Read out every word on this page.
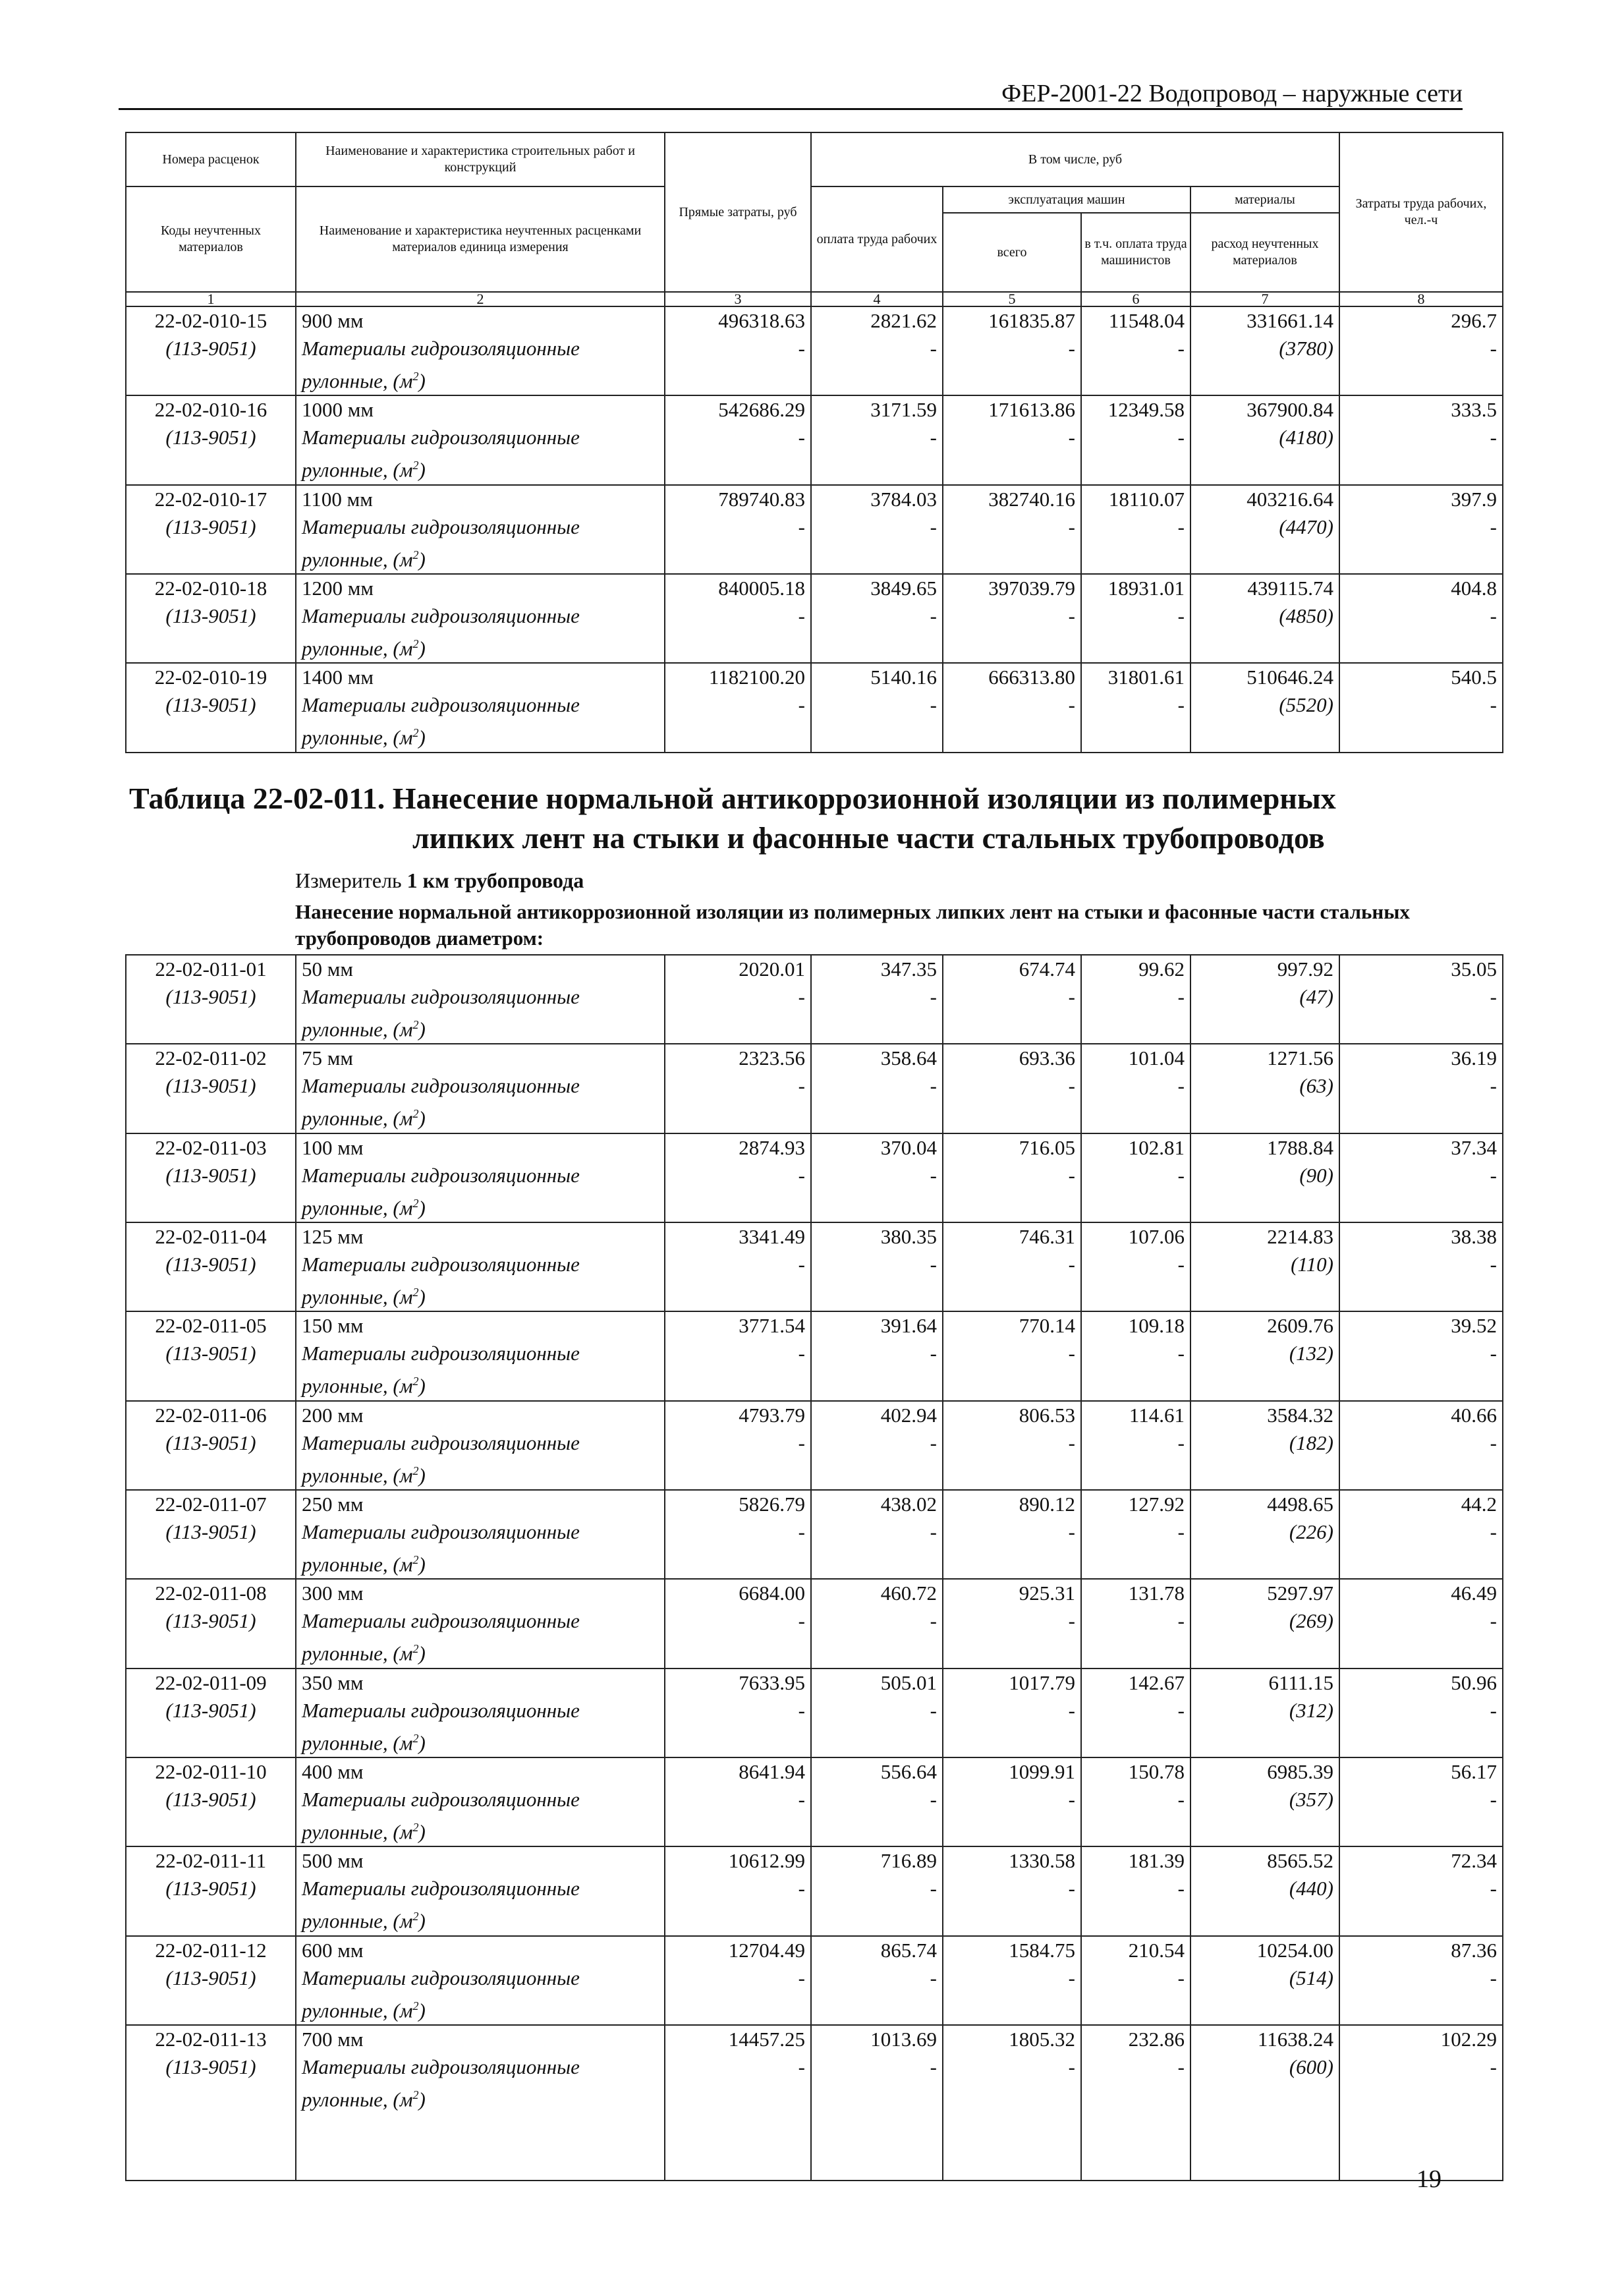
ФЕР-2001-22 Водопровод – наружные сети
Номера расценок	Наименование и характеристика строительных работ и конструкций	Прямые затраты, руб	В том числе, руб				Затраты труда рабочих, чел.-ч
Коды неучтенных материалов	Наименование и характеристика неучтенных расценками материалов единица измерения		оплата труда рабочих	эксплуатация машин		материалы	
				всего	в т.ч. оплата труда машинистов	расход неучтенных материалов	
1	2	3	4	5	6	7	8
22-02-010-15	900 мм	496318.63	2821.62	161835.87	11548.04	331661.14	296.7
(113-9051)	Материалы гидроизоляционные	-	-	-	-	(3780)	-
	рулонные, $(м^2)$						
22-02-010-16	1000 мм	542686.29	3171.59	171613.86	12349.58	367900.84	333.5
(113-9051)	Материалы гидроизоляционные	-	-	-	-	(4180)	-
	рулонные, $(м^2)$						
22-02-010-17	1100 мм	789740.83	3784.03	382740.16	18110.07	403216.64	397.9
(113-9051)	Материалы гидроизоляционные	-	-	-	-	(4470)	-
	рулонные, $(м^2)$						
22-02-010-18	1200 мм	840005.18	3849.65	397039.79	18931.01	439115.74	404.8
(113-9051)	Материалы гидроизоляционные	-	-	-	-	(4850)	-
	рулонные, $(м^2)$						
22-02-010-19	1400 мм	1182100.20	5140.16	666313.80	31801.61	510646.24	540.5
(113-9051)	Материалы гидроизоляционные	-	-	-	-	(5520)	-
	рулонные, $(м^2)$						
Таблица 22-02-011. Нанесение нормальной антикоррозионной изоляции из полимерных
липких лент на стыки и фасонные части стальных трубопроводов
Измеритель 1 км трубопровода
Нанесение нормальной антикоррозионной изоляции из полимерных липких лент на стыки и фасонные части стальных трубопроводов диаметром:
22-02-011-01	50 мм	2020.01	347.35	674.74	99.62	997.92	35.05
(113-9051)	Материалы гидроизоляционные	-	-	-	-	(47)	-
	рулонные, $(м^2)$						
22-02-011-02	75 мм	2323.56	358.64	693.36	101.04	1271.56	36.19
(113-9051)	Материалы гидроизоляционные	-	-	-	-	(63)	-
	рулонные, $(м^2)$						
22-02-011-03	100 мм	2874.93	370.04	716.05	102.81	1788.84	37.34
(113-9051)	Материалы гидроизоляционные	-	-	-	-	(90)	-
	рулонные, $(м^2)$						
22-02-011-04	125 мм	3341.49	380.35	746.31	107.06	2214.83	38.38
(113-9051)	Материалы гидроизоляционные	-	-	-	-	(110)	-
	рулонные, $(м^2)$						
22-02-011-05	150 мм	3771.54	391.64	770.14	109.18	2609.76	39.52
(113-9051)	Материалы гидроизоляционные	-	-	-	-	(132)	-
	рулонные, $(м^2)$						
22-02-011-06	200 мм	4793.79	402.94	806.53	114.61	3584.32	40.66
(113-9051)	Материалы гидроизоляционные	-	-	-	-	(182)	-
	рулонные, $(м^2)$						
22-02-011-07	250 мм	5826.79	438.02	890.12	127.92	4498.65	44.2
(113-9051)	Материалы гидроизоляционные	-	-	-	-	(226)	-
	рулонные, $(м^2)$						
22-02-011-08	300 мм	6684.00	460.72	925.31	131.78	5297.97	46.49
(113-9051)	Материалы гидроизоляционные	-	-	-	-	(269)	-
	рулонные, $(м^2)$						
22-02-011-09	350 мм	7633.95	505.01	1017.79	142.67	6111.15	50.96
(113-9051)	Материалы гидроизоляционные	-	-	-	-	(312)	-
	рулонные, $(м^2)$						
22-02-011-10	400 мм	8641.94	556.64	1099.91	150.78	6985.39	56.17
(113-9051)	Материалы гидроизоляционные	-	-	-	-	(357)	-
	рулонные, $(м^2)$						
22-02-011-11	500 мм	10612.99	716.89	1330.58	181.39	8565.52	72.34
(113-9051)	Материалы гидроизоляционные	-	-	-	-	(440)	-
	рулонные, $(м^2)$						
22-02-011-12	600 мм	12704.49	865.74	1584.75	210.54	10254.00	87.36
(113-9051)	Материалы гидроизоляционные	-	-	-	-	(514)	-
	рулонные, $(м^2)$						
22-02-011-13	700 мм	14457.25	1013.69	1805.32	232.86	11638.24	102.29
(113-9051)	Материалы гидроизоляционные	-	-	-	-	(600)	-
	рулонные, $(м^2)$						
19
